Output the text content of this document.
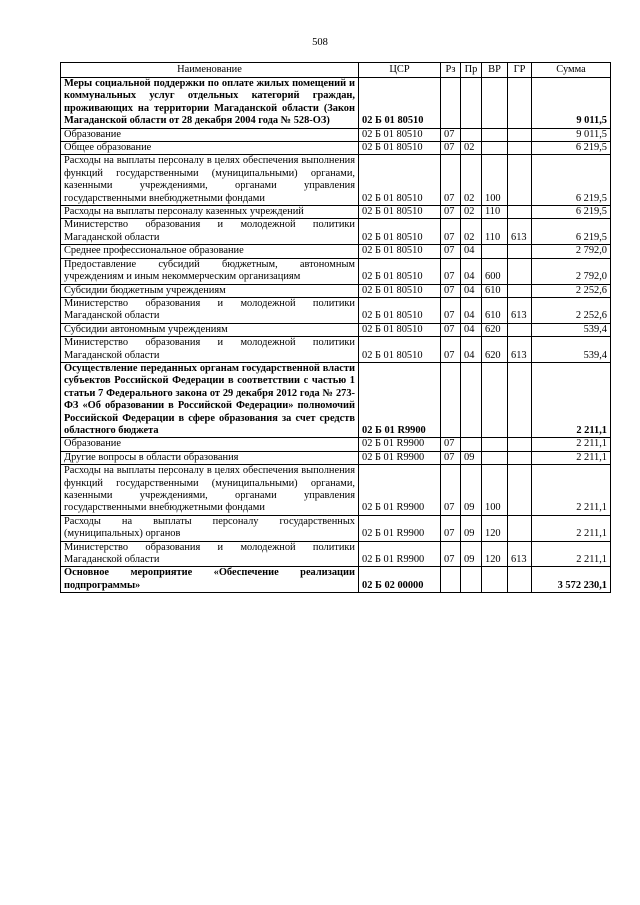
508
Наименование	ЦСР	Рз	Пр	ВР	ГР	Сумма
Меры социальной поддержки по оплате жилых помещений и коммунальных услуг отдельных категорий граждан, проживающих на территории Магаданской области (Закон Магаданской области от 28 декабря 2004 года № 528-ОЗ)	02 Б 01 80510					9 011,5
Образование	02 Б 01 80510	07				9 011,5
Общее образование	02 Б 01 80510	07	02			6 219,5
Расходы на выплаты персоналу в целях обеспечения выполнения функций государственными (муниципальными) органами, казенными учреждениями, органами управления государственными внебюджетными фондами	02 Б 01 80510	07	02	100		6 219,5
Расходы на выплаты персоналу казенных учреждений	02 Б 01 80510	07	02	110		6 219,5
Министерство образования и молодежной политики Магаданской области	02 Б 01 80510	07	02	110	613	6 219,5
Среднее профессиональное образование	02 Б 01 80510	07	04			2 792,0
Предоставление субсидий бюджетным, автономным учреждениям и иным некоммерческим организациям	02 Б 01 80510	07	04	600		2 792,0
Субсидии бюджетным учреждениям	02 Б 01 80510	07	04	610		2 252,6
Министерство образования и молодежной политики Магаданской области	02 Б 01 80510	07	04	610	613	2 252,6
Субсидии автономным учреждениям	02 Б 01 80510	07	04	620		539,4
Министерство образования и молодежной политики Магаданской области	02 Б 01 80510	07	04	620	613	539,4
Осуществление переданных органам государственной власти субъектов Российской Федерации в соответствии с частью 1 статьи 7 Федерального закона от 29 декабря 2012 года № 273-ФЗ «Об образовании в Российской Федерации» полномочий Российской Федерации в сфере образования за счет средств областного бюджета	02 Б 01 R9900					2 211,1
Образование	02 Б 01 R9900	07				2 211,1
Другие вопросы в области образования	02 Б 01 R9900	07	09			2 211,1
Расходы на выплаты персоналу в целях обеспечения выполнения функций государственными (муниципальными) органами, казенными учреждениями, органами управления государственными внебюджетными фондами	02 Б 01 R9900	07	09	100		2 211,1
Расходы на выплаты персоналу государственных (муниципальных) органов	02 Б 01 R9900	07	09	120		2 211,1
Министерство образования и молодежной политики Магаданской области	02 Б 01 R9900	07	09	120	613	2 211,1
Основное мероприятие «Обеспечение реализации подпрограммы»	02 Б 02 00000					3 572 230,1
